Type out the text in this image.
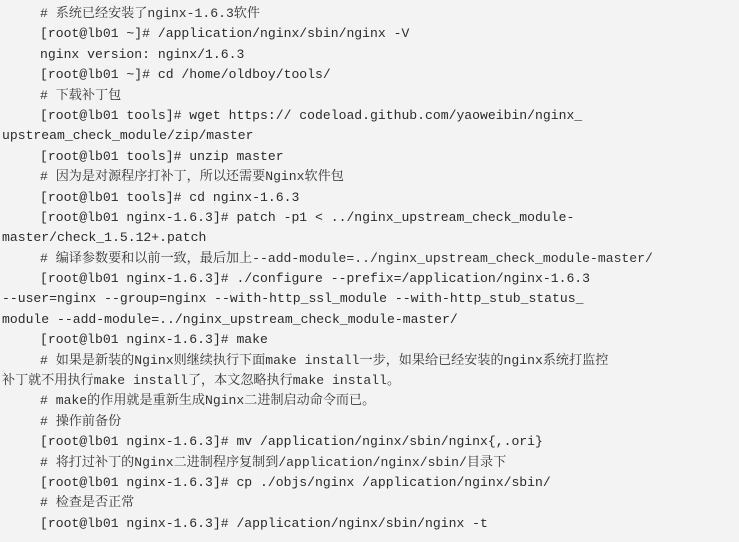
# 系统已经安装了nginx-1.6.3软件
[root@lb01 ~]# /application/nginx/sbin/nginx -V
nginx version: nginx/1.6.3
[root@lb01 ~]# cd /home/oldboy/tools/
# 下载补丁包
[root@lb01 tools]# wget https:// codeload.github.com/yaoweibin/nginx_
upstream_check_module/zip/master
[root@lb01 tools]# unzip master
# 因为是对源程序打补丁，所以还需要Nginx软件包
[root@lb01 tools]# cd nginx-1.6.3
[root@lb01 nginx-1.6.3]# patch -p1 < ../nginx_upstream_check_module-
master/check_1.5.12+.patch
# 编译参数要和以前一致，最后加上--add-module=../nginx_upstream_check_module-master/
[root@lb01 nginx-1.6.3]# ./configure --prefix=/application/nginx-1.6.3
--user=nginx --group=nginx --with-http_ssl_module --with-http_stub_status_
module --add-module=../nginx_upstream_check_module-master/
[root@lb01 nginx-1.6.3]# make
# 如果是新装的Nginx则继续执行下面make install一步，如果给已经安装的nginx系统打监控
补丁就不用执行make install了，本文忽略执行make install。
# make的作用就是重新生成Nginx二进制启动命令而已。
# 操作前备份
[root@lb01 nginx-1.6.3]# mv /application/nginx/sbin/nginx{,.ori}
# 将打过补丁的Nginx二进制程序复制到/application/nginx/sbin/目录下
[root@lb01 nginx-1.6.3]# cp ./objs/nginx /application/nginx/sbin/
# 检查是否正常
[root@lb01 nginx-1.6.3]# /application/nginx/sbin/nginx -t
